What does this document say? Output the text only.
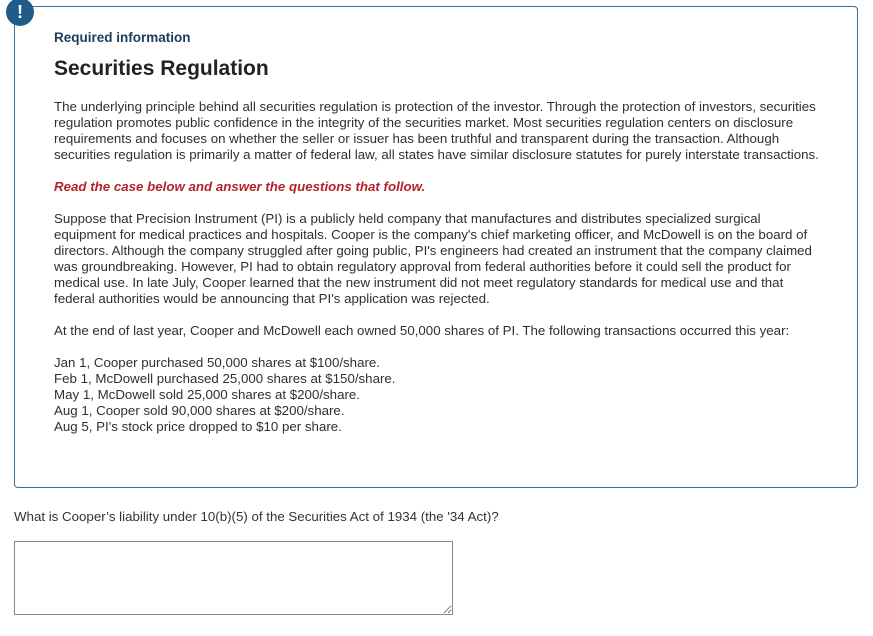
Required information
Securities Regulation

The underlying principle behind all securities regulation is protection of the investor. Through the protection of investors, securities regulation promotes public confidence in the integrity of the securities market. Most securities regulation centers on disclosure requirements and focuses on whether the seller or issuer has been truthful and transparent during the transaction. Although securities regulation is primarily a matter of federal law, all states have similar disclosure statutes for purely interstate transactions.

Read the case below and answer the questions that follow.

Suppose that Precision Instrument (PI) is a publicly held company that manufactures and distributes specialized surgical equipment for medical practices and hospitals. Cooper is the company's chief marketing officer, and McDowell is on the board of directors. Although the company struggled after going public, PI's engineers had created an instrument that the company claimed was groundbreaking. However, PI had to obtain regulatory approval from federal authorities before it could sell the product for medical use. In late July, Cooper learned that the new instrument did not meet regulatory standards for medical use and that federal authorities would be announcing that PI's application was rejected.

At the end of last year, Cooper and McDowell each owned 50,000 shares of PI. The following transactions occurred this year:

Jan 1, Cooper purchased 50,000 shares at $100/share.
Feb 1, McDowell purchased 25,000 shares at $150/share.
May 1, McDowell sold 25,000 shares at $200/share.
Aug 1, Cooper sold 90,000 shares at $200/share.
Aug 5, PI's stock price dropped to $10 per share.
!
What is Cooper’s liability under 10(b)(5) of the Securities Act of 1934 (the '34 Act)?
